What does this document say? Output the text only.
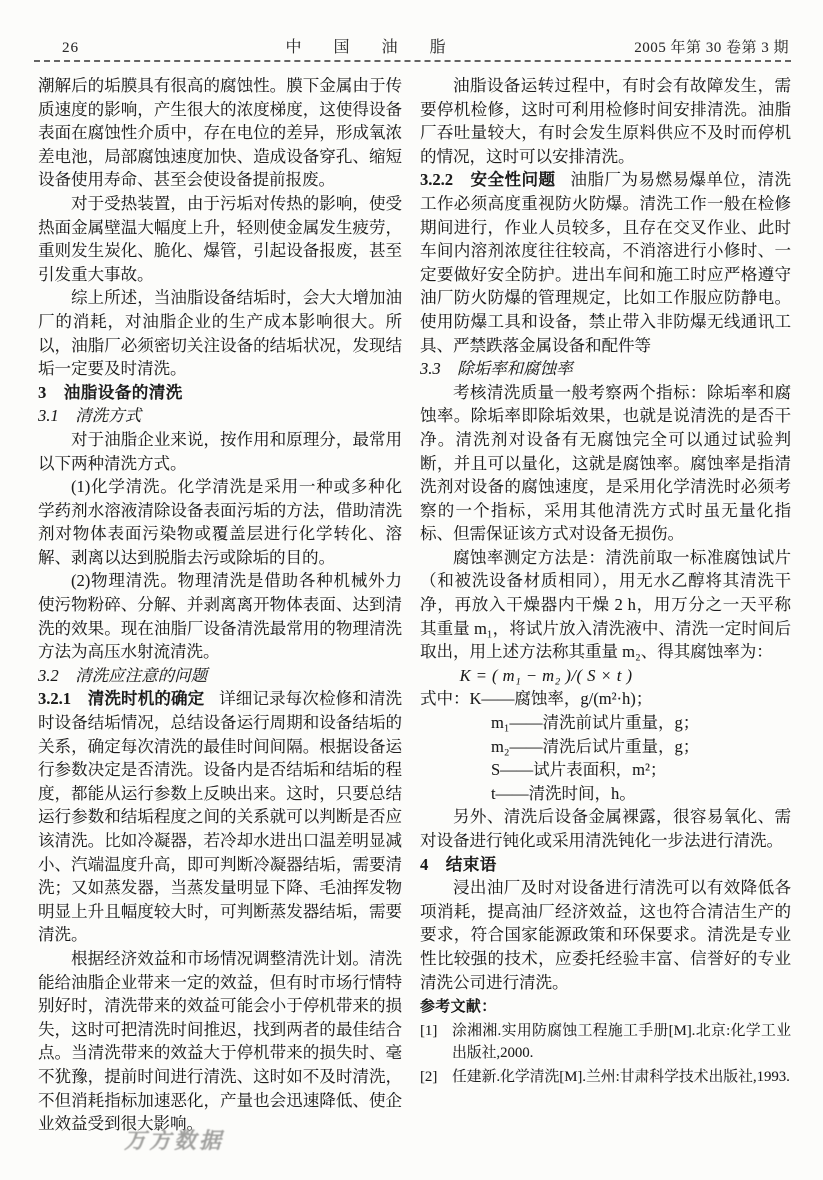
26	中 国 油 脂	2005 年第 30 卷第 3 期

潮解后的垢膜具有很高的腐蚀性。膜下金属由于传质速度的影响，产生很大的浓度梯度，这使得设备表面在腐蚀性介质中，存在电位的差异，形成氧浓差电池，局部腐蚀速度加快、造成设备穿孔、缩短设备使用寿命、甚至会使设备提前报废。

对于受热装置，由于污垢对传热的影响，使受热面金属壁温大幅度上升，轻则使金属发生疲劳，重则发生炭化、脆化、爆管，引起设备报废，甚至引发重大事故。

综上所述，当油脂设备结垢时，会大大增加油厂的消耗，对油脂企业的生产成本影响很大。所以，油脂厂必须密切关注设备的结垢状况，发现结垢一定要及时清洗。

3　油脂设备的清洗

3.1　清洗方式

对于油脂企业来说，按作用和原理分，最常用以下两种清洗方式。

(1)化学清洗。化学清洗是采用一种或多种化学药剂水溶液清除设备表面污垢的方法，借助清洗剂对物体表面污染物或覆盖层进行化学转化、溶解、剥离以达到脱脂去污或除垢的目的。

(2)物理清洗。物理清洗是借助各种机械外力使污物粉碎、分解、并剥离离开物体表面、达到清洗的效果。现在油脂厂设备清洗最常用的物理清洗方法为高压水射流清洗。

3.2　清洗应注意的问题

3.2.1　清洗时机的确定 详细记录每次检修和清洗时设备结垢情况，总结设备运行周期和设备结垢的关系，确定每次清洗的最佳时间间隔。根据设备运行参数决定是否清洗。设备内是否结垢和结垢的程度，都能从运行参数上反映出来。这时，只要总结运行参数和结垢程度之间的关系就可以判断是否应该清洗。比如冷凝器，若冷却水进出口温差明显减小、汽端温度升高，即可判断冷凝器结垢，需要清洗；又如蒸发器，当蒸发量明显下降、毛油挥发物明显上升且幅度较大时，可判断蒸发器结垢，需要清洗。

根据经济效益和市场情况调整清洗计划。清洗能给油脂企业带来一定的效益，但有时市场行情特别好时，清洗带来的效益可能会小于停机带来的损失，这时可把清洗时间推迟，找到两者的最佳结合点。当清洗带来的效益大于停机带来的损失时、毫不犹豫，提前时间进行清洗、这时如不及时清洗，不但消耗指标加速恶化，产量也会迅速降低、使企业效益受到很大影响。

油脂设备运转过程中，有时会有故障发生，需要停机检修，这时可利用检修时间安排清洗。油脂厂吞吐量较大，有时会发生原料供应不及时而停机的情况，这时可以安排清洗。

3.2.2　安全性问题 油脂厂为易燃易爆单位，清洗工作必须高度重视防火防爆。清洗工作一般在检修期间进行，作业人员较多，且存在交叉作业、此时车间内溶剂浓度往往较高，不消溶进行小修时、一定要做好安全防护。进出车间和施工时应严格遵守油厂防火防爆的管理规定，比如工作服应防静电。使用防爆工具和设备，禁止带入非防爆无线通讯工具、严禁跌落金属设备和配件等

3.3　除垢率和腐蚀率

考核清洗质量一般考察两个指标：除垢率和腐蚀率。除垢率即除垢效果，也就是说清洗的是否干净。清洗剂对设备有无腐蚀完全可以通过试验判断，并且可以量化，这就是腐蚀率。腐蚀率是指清洗剂对设备的腐蚀速度，是采用化学清洗时必须考察的一个指标，采用其他清洗方式时虽无量化指标、但需保证该方式对设备无损伤。

腐蚀率测定方法是：清洗前取一标准腐蚀试片（和被洗设备材质相同），用无水乙醇将其清洗干净，再放入干燥器内干燥 2 h，用万分之一天平称其重量 m₁，将试片放入清洗液中、清洗一定时间后取出，用上述方法称其重量 m₂、得其腐蚀率为：

K = ( m₁ − m₂ )/( S × t )

式中：K——腐蚀率，g/(m²·h)；

m₁——清洗前试片重量，g；

m₂——清洗后试片重量，g；

S——试片表面积，m²；

t——清洗时间，h。

另外、清洗后设备金属裸露，很容易氧化、需对设备进行钝化或采用清洗钝化一步法进行清洗。

4　结束语

浸出油厂及时对设备进行清洗可以有效降低各项消耗，提高油厂经济效益，这也符合清洁生产的要求，符合国家能源政策和环保要求。清洗是专业性比较强的技术，应委托经验丰富、信誉好的专业清洗公司进行清洗。

参考文献：

[1] 涂湘湘.实用防腐蚀工程施工手册[M].北京:化学工业出版社,2000.
[2] 任建新.化学清洗[M].兰州:甘肃科学技术出版社,1993.
万方数据
